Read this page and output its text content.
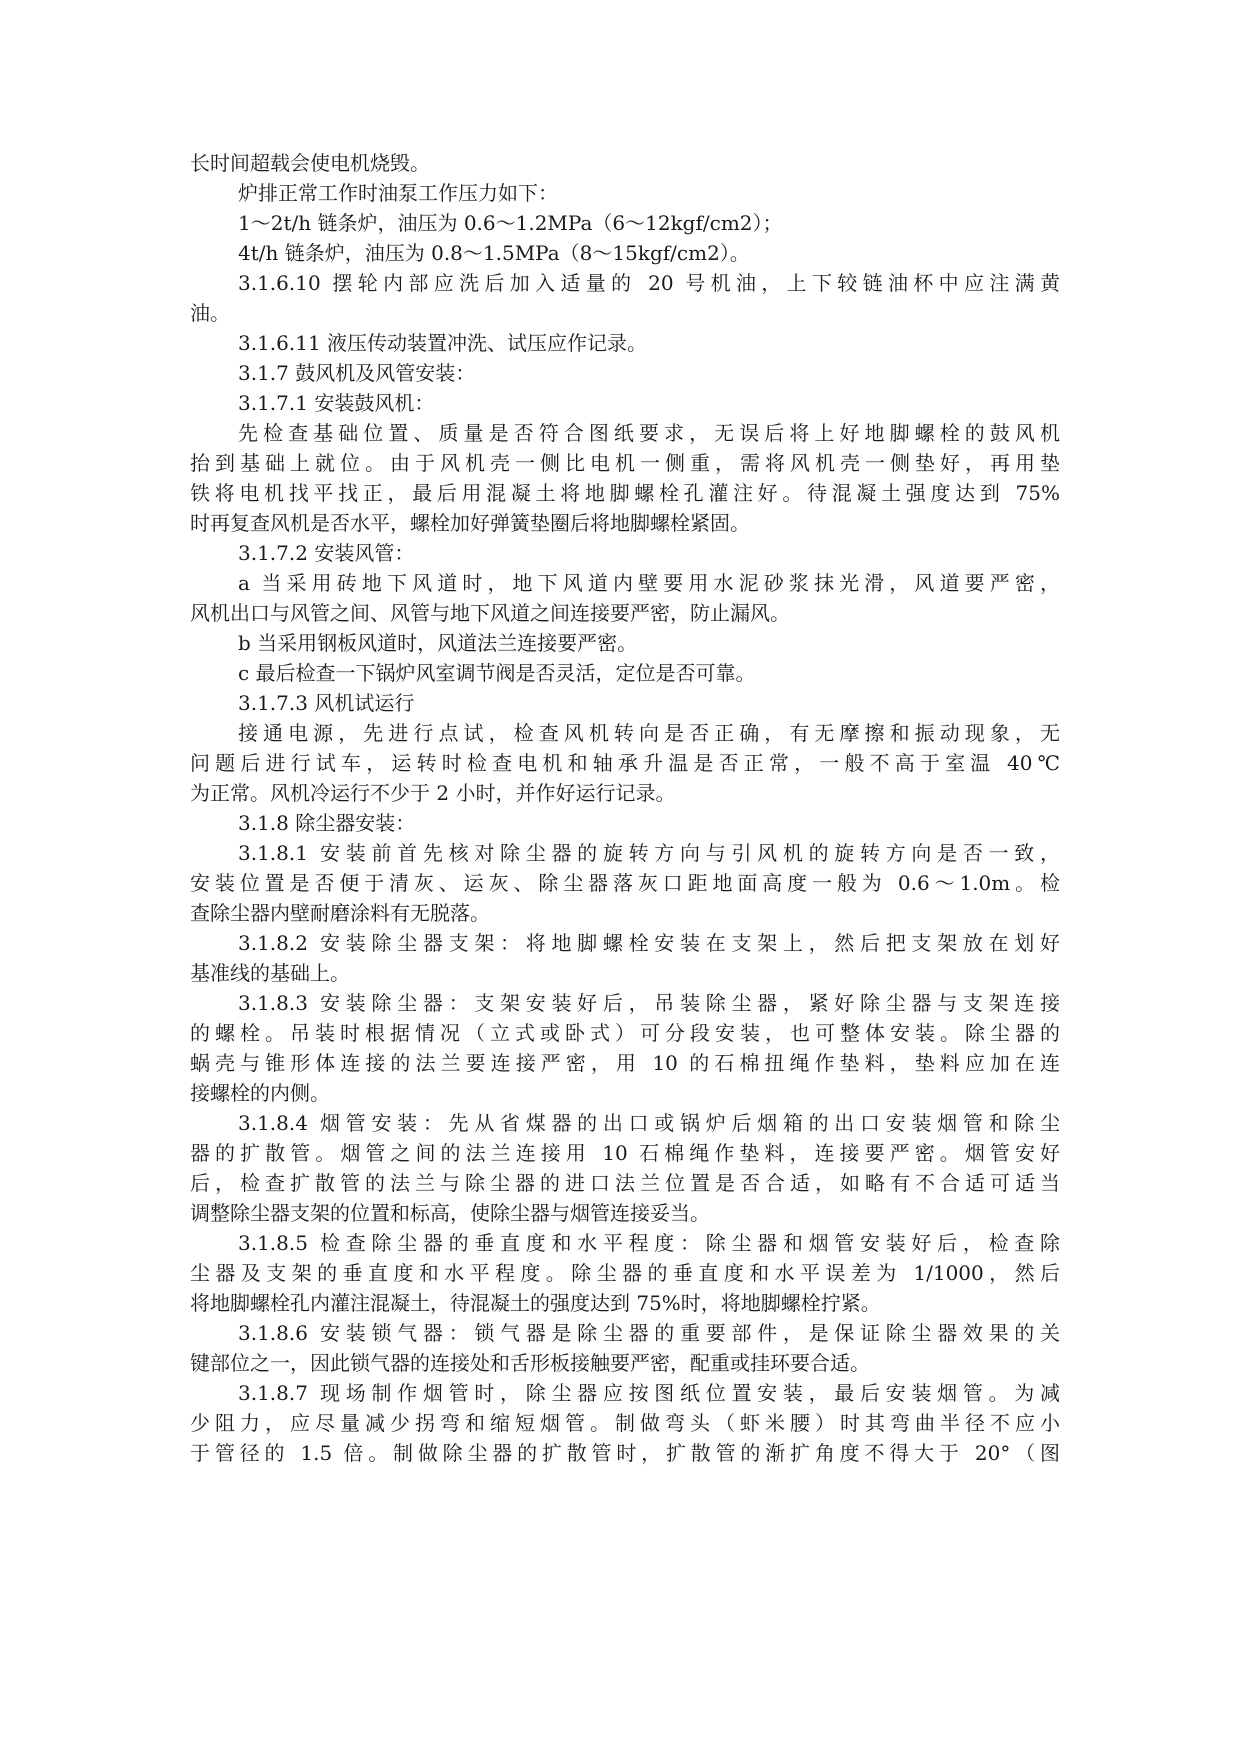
长时间超载会使电机烧毁。
炉排正常工作时油泵工作压力如下：
1～2t/h 链条炉，油压为 0.6～1.2MPa（6～12kgf/cm2）；
4t/h 链条炉，油压为 0.8～1.5MPa（8～15kgf/cm2）。
3.1.6.10 摆轮内部应洗后加入适量的 20 号机油，上下较链油杯中应注满黄
油。
3.1.6.11 液压传动装置冲洗、试压应作记录。
3.1.7 鼓风机及风管安装：
3.1.7.1 安装鼓风机：
先检查基础位置、质量是否符合图纸要求，无误后将上好地脚螺栓的鼓风机
抬到基础上就位。由于风机壳一侧比电机一侧重，需将风机壳一侧垫好，再用垫
铁将电机找平找正，最后用混凝土将地脚螺栓孔灌注好。待混凝土强度达到 75%
时再复查风机是否水平，螺栓加好弹簧垫圈后将地脚螺栓紧固。
3.1.7.2 安装风管：
a 当采用砖地下风道时，地下风道内壁要用水泥砂浆抹光滑，风道要严密，
风机出口与风管之间、风管与地下风道之间连接要严密，防止漏风。
b 当采用钢板风道时，风道法兰连接要严密。
c 最后检查一下锅炉风室调节阀是否灵活，定位是否可靠。
3.1.7.3 风机试运行
接通电源，先进行点试，检查风机转向是否正确，有无摩擦和振动现象，无
问题后进行试车，运转时检查电机和轴承升温是否正常，一般不高于室温 40℃
为正常。风机冷运行不少于 2 小时，并作好运行记录。
3.1.8 除尘器安装：
3.1.8.1 安装前首先核对除尘器的旋转方向与引风机的旋转方向是否一致，
安装位置是否便于清灰、运灰、除尘器落灰口距地面高度一般为 0.6～1.0m。检
查除尘器内壁耐磨涂料有无脱落。
3.1.8.2 安装除尘器支架：将地脚螺栓安装在支架上，然后把支架放在划好
基准线的基础上。
3.1.8.3 安装除尘器：支架安装好后，吊装除尘器，紧好除尘器与支架连接
的螺栓。吊装时根据情况（立式或卧式）可分段安装，也可整体安装。除尘器的
蜗壳与锥形体连接的法兰要连接严密，用 10 的石棉扭绳作垫料，垫料应加在连
接螺栓的内侧。
3.1.8.4 烟管安装：先从省煤器的出口或锅炉后烟箱的出口安装烟管和除尘
器的扩散管。烟管之间的法兰连接用 10 石棉绳作垫料，连接要严密。烟管安好
后，检查扩散管的法兰与除尘器的进口法兰位置是否合适，如略有不合适可适当
调整除尘器支架的位置和标高，使除尘器与烟管连接妥当。
3.1.8.5 检查除尘器的垂直度和水平程度：除尘器和烟管安装好后，检查除
尘器及支架的垂直度和水平程度。除尘器的垂直度和水平误差为 1/1000，然后
将地脚螺栓孔内灌注混凝土，待混凝土的强度达到 75%时，将地脚螺栓拧紧。
3.1.8.6 安装锁气器：锁气器是除尘器的重要部件，是保证除尘器效果的关
键部位之一，因此锁气器的连接处和舌形板接触要严密，配重或挂环要合适。
3.1.8.7 现场制作烟管时，除尘器应按图纸位置安装，最后安装烟管。为减
少阻力，应尽量减少拐弯和缩短烟管。制做弯头（虾米腰）时其弯曲半径不应小
于管径的 1.5 倍。制做除尘器的扩散管时，扩散管的渐扩角度不得大于 20°（图
